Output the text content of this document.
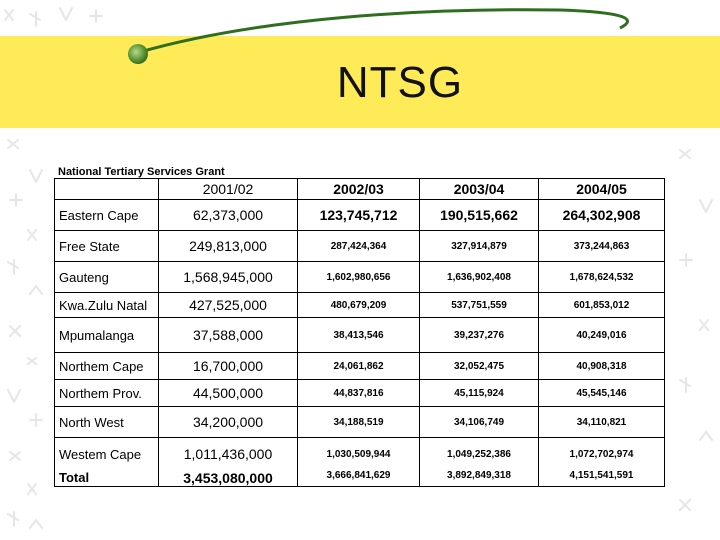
NTSG
National Tertiary Services Grant
	2001/02	2002/03	2003/04	2004/05
Eastern Cape	62,373,000	123,745,712	190,515,662	264,302,908
Free State	249,813,000	287,424,364	327,914,879	373,244,863
Gauteng	1,568,945,000	1,602,980,656	1,636,902,408	1,678,624,532
Kwa.Zulu Natal	427,525,000	480,679,209	537,751,559	601,853,012
Mpumalanga	37,588,000	38,413,546	39,237,276	40,249,016
Northem Cape	16,700,000	24,061,862	32,052,475	40,908,318
Northem Prov.	44,500,000	44,837,816	45,115,924	45,545,146
North West	34,200,000	34,188,519	34,106,749	34,110,821
Westem Cape	1,011,436,000	1,030,509,944	1,049,252,386	1,072,702,974
Total	3,453,080,000	3,666,841,629	3,892,849,318	4,151,541,591
